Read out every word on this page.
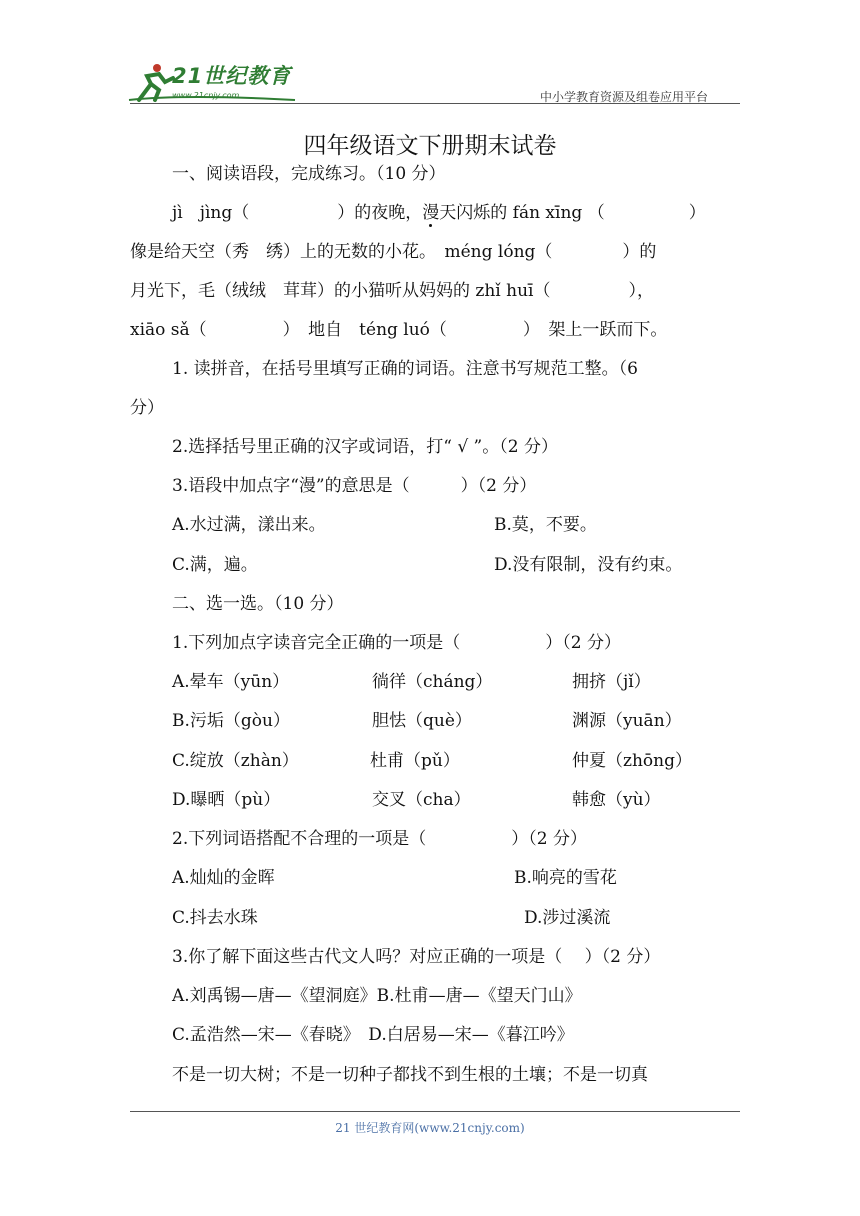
21世纪教育
www.21cnjy.com	中小学教育资源及组卷应用平台
四年级语文下册期末试卷
一、阅读语段，完成练习。（10 分）
jì　jìng（	）的夜晚，漫天闪烁的 fán xīng （	）
像是给天空（秀　绣）上的无数的小花。　méng lóng（	）的
月光下，毛（绒绒　茸茸）的小猫听从妈妈的 zhǐ huī（	），
xiāo sǎ（	）　地自　téng luó（	）　架上一跃而下。
1. 读拼音，在括号里填写正确的词语。注意书写规范工整。（6
分）
2.选择括号里正确的汉字或词语，打“ √ ”。（2 分）
3.语段中加点字“漫”的意思是（　　　）（2 分）
A.水过满，漾出来。	B.莫，不要。
C.满，遍。	D.没有限制，没有约束。
二、选一选。（10 分）
1.下列加点字读音完全正确的一项是（　　　　　）（2 分）
A.晕车（yūn）	徜徉（cháng）	拥挤（jǐ）
B.污垢（gòu）	胆怯（què）	渊源（yuān）
C.绽放（zhàn）	杜甫（pǔ）	仲夏（zhōng）
D.曝晒（pù）	交叉（cha）	韩愈（yù）
2.下列词语搭配不合理的一项是（　　　　　）（2 分）
A.灿灿的金晖	B.响亮的雪花
C.抖去水珠	D.涉过溪流
3.你了解下面这些古代文人吗？对应正确的一项是（　 ）（2 分）
A.刘禹锡—唐—《望洞庭》B.杜甫—唐—《望天门山》
C.孟浩然—宋—《春晓》　D.白居易—宋—《暮江吟》
不是一切大树；不是一切种子都找不到生根的土壤；不是一切真
21 世纪教育网(www.21cnjy.com)
